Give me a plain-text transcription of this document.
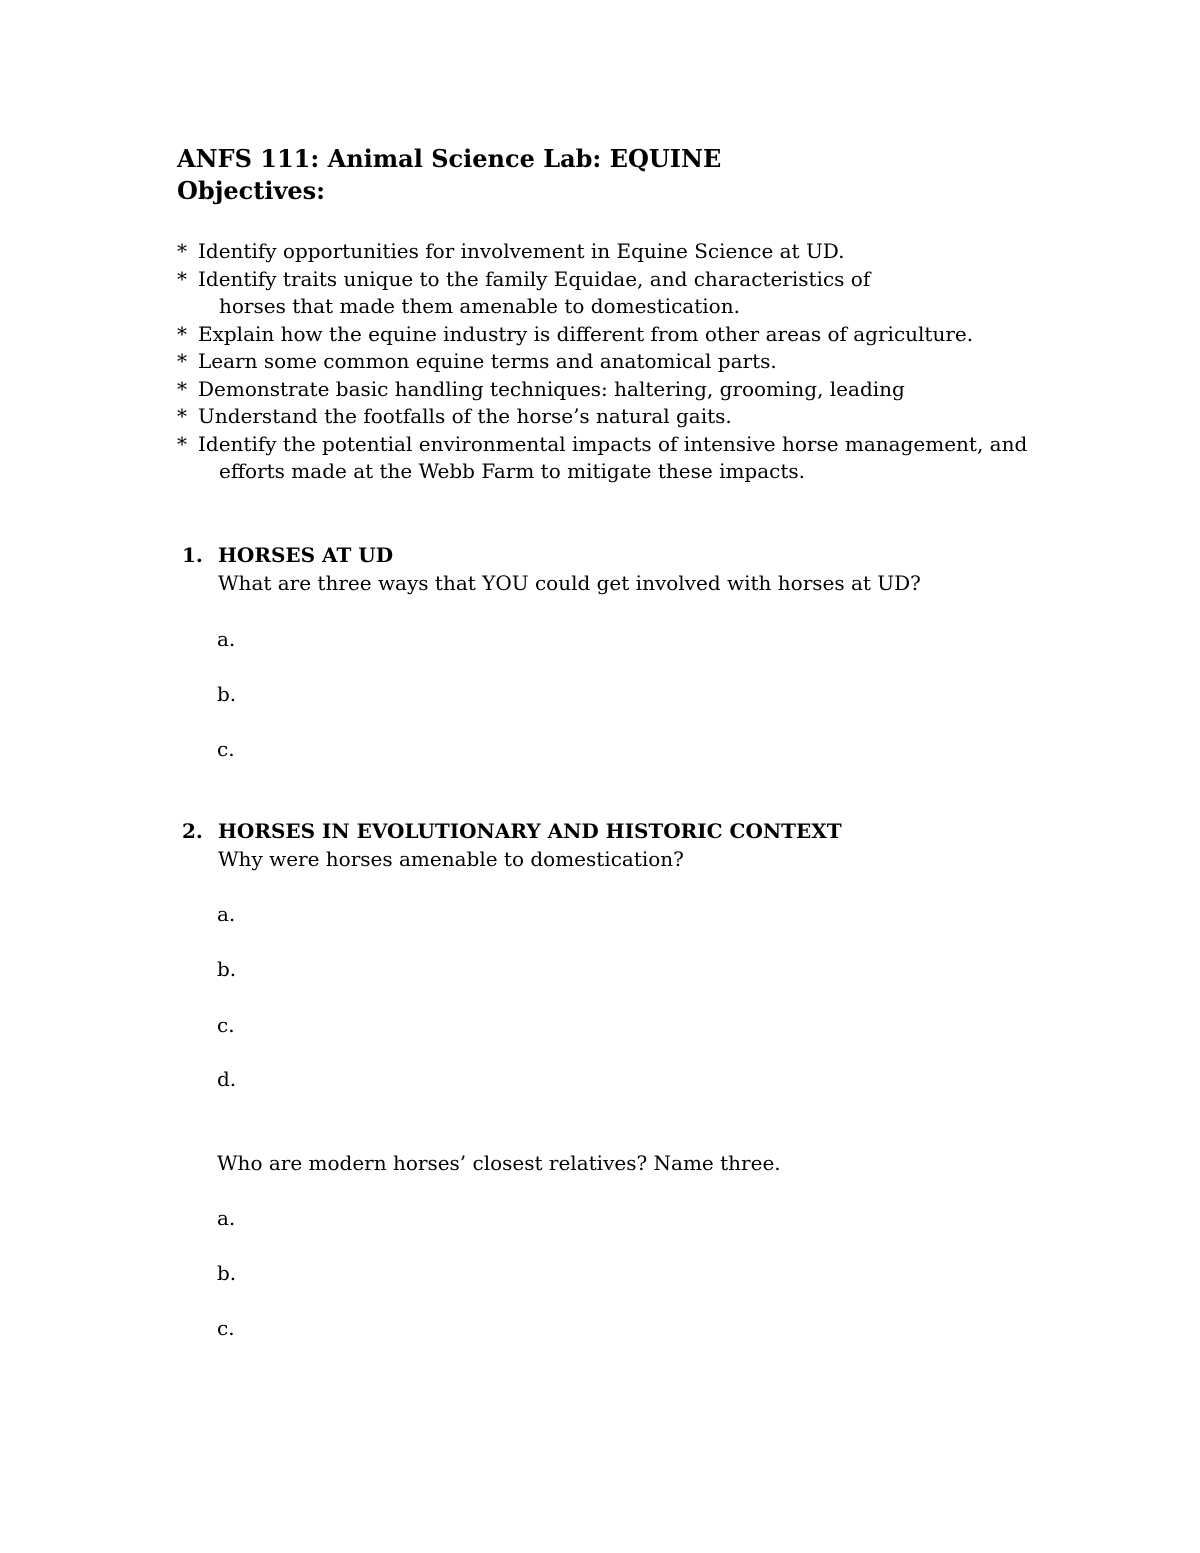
ANFS 111: Animal Science Lab: EQUINE
Objectives:
* Identify opportunities for involvement in Equine Science at UD.
* Identify traits unique to the family Equidae, and characteristics of
horses that made them amenable to domestication.
* Explain how the equine industry is different from other areas of agriculture.
* Learn some common equine terms and anatomical parts.
* Demonstrate basic handling techniques: haltering, grooming, leading
* Understand the footfalls of the horse’s natural gaits.
* Identify the potential environmental impacts of intensive horse management, and
efforts made at the Webb Farm to mitigate these impacts.
1. HORSES AT UD
What are three ways that YOU could get involved with horses at UD?
a.
b.
c.
2. HORSES IN EVOLUTIONARY AND HISTORIC CONTEXT
Why were horses amenable to domestication?
a.
b.
c.
d.
Who are modern horses’ closest relatives? Name three.
a.
b.
c.
